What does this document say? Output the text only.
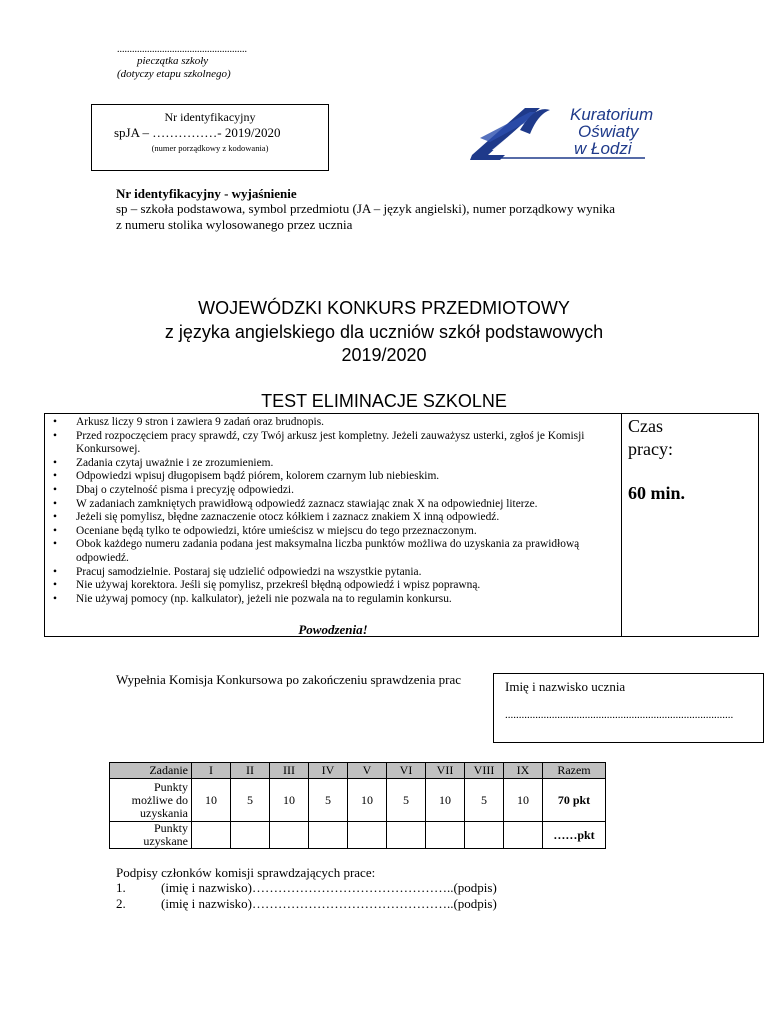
....................................................
pieczątka szkoły
(dotyczy etapu szkolnego)
Nr identyfikacyjny
spJA – ……………- 2019/2020
(numer porządkowy z kodowania)
Kuratorium
Oświaty
w Łodzi
Nr identyfikacyjny - wyjaśnienie
sp – szkoła podstawowa, symbol przedmiotu (JA – język angielski), numer porządkowy wynika
z numeru stolika wylosowanego przez ucznia
WOJEWÓDZKI KONKURS PRZEDMIOTOWY
z języka angielskiego dla uczniów szkół podstawowych
2019/2020
TEST ELIMINACJE SZKOLNE
• Arkusz liczy 9 stron i zawiera 9 zadań oraz brudnopis.
• Przed rozpoczęciem pracy sprawdź, czy Twój arkusz jest kompletny. Jeżeli zauważysz usterki, zgłoś je Komisji Konkursowej.
• Zadania czytaj uważnie i ze zrozumieniem.
• Odpowiedzi wpisuj długopisem bądź piórem, kolorem czarnym lub niebieskim.
• Dbaj o czytelność pisma i precyzję odpowiedzi.
• W zadaniach zamkniętych prawidłową odpowiedź zaznacz stawiając znak X na odpowiedniej literze.
• Jeżeli się pomylisz, błędne zaznaczenie otocz kółkiem i zaznacz znakiem X inną odpowiedź.
• Oceniane będą tylko te odpowiedzi, które umieścisz w miejscu do tego przeznaczonym.
• Obok każdego numeru zadania podana jest maksymalna liczba punktów możliwa do uzyskania za prawidłową odpowiedź.
• Pracuj samodzielnie. Postaraj się udzielić odpowiedzi na wszystkie pytania.
• Nie używaj korektora. Jeśli się pomylisz, przekreśl błędną odpowiedź i wpisz poprawną.
• Nie używaj pomocy (np. kalkulator), jeżeli nie pozwala na to regulamin konkursu.
Powodzenia!
Czas
pracy:
60 min.
Wypełnia Komisja Konkursowa po zakończeniu sprawdzenia prac	Imię i nazwisko ucznia
...................................................................................
Zadanie	I	II	III	IV	V	VI	VII	VIII	IX	Razem
Punkty możliwe do uzyskania	10	5	10	5	10	5	10	5	10	70 pkt
Punkty uzyskane										……pkt
Podpisy członków komisji sprawdzających prace:
1.	(imię i nazwisko)………………………………………..(podpis)
2.	(imię i nazwisko)………………………………………..(podpis)
